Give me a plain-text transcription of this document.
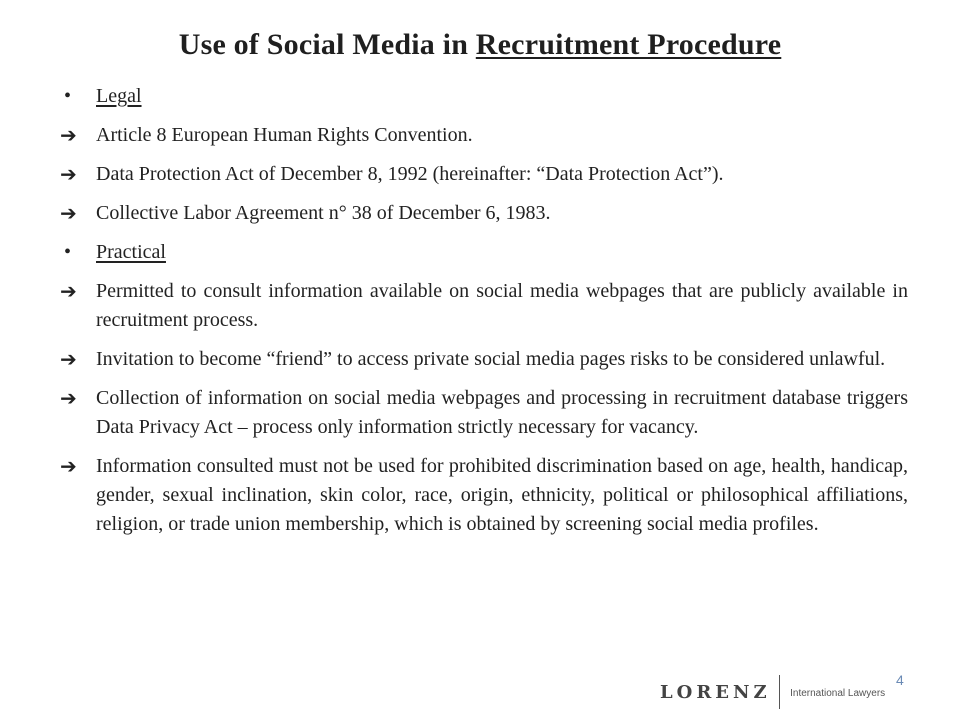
Use of Social Media in Recruitment Procedure
•	Legal
➔ Article 8 European Human Rights Convention.
➔ Data Protection Act of December 8, 1992 (hereinafter: “Data Protection Act”).
➔ Collective Labor Agreement n° 38 of December 6, 1983.
•	Practical
➔ Permitted to consult information available on social media webpages that are publicly available in recruitment process.
➔ Invitation to become “friend” to access private social media pages risks to be considered unlawful.
➔ Collection of information on social media webpages and processing in recruitment database triggers Data Privacy Act – process only information strictly necessary for vacancy.
➔ Information consulted must not be used for prohibited discrimination based on age, health, handicap, gender, sexual inclination, skin color, race, origin, ethnicity, political or philosophical affiliations, religion, or trade union membership, which is obtained by screening social media profiles.
LORENZ International Lawyers
4
